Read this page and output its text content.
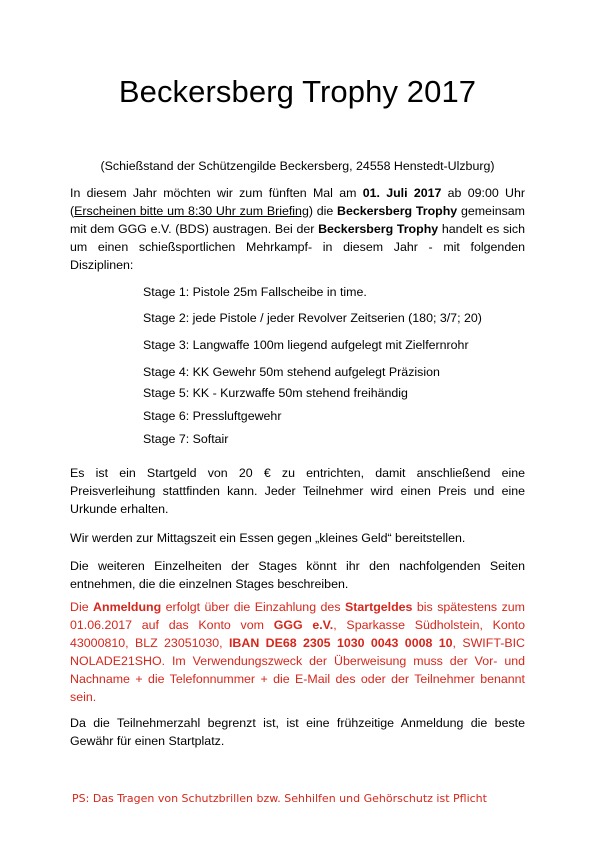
Beckersberg Trophy 2017
(Schießstand der Schützengilde Beckersberg, 24558 Henstedt-Ulzburg)
In diesem Jahr möchten wir zum fünften Mal am 01. Juli 2017 ab 09:00 Uhr (Erscheinen bitte um 8:30 Uhr zum Briefing) die Beckersberg Trophy gemeinsam mit dem GGG e.V. (BDS) austragen. Bei der Beckersberg Trophy handelt es sich um einen schießsportlichen Mehrkampf- in diesem Jahr - mit folgenden Disziplinen:
Stage 1: Pistole 25m Fallscheibe in time.
Stage 2: jede Pistole / jeder Revolver Zeitserien (180; 3/7; 20)
Stage 3: Langwaffe 100m liegend aufgelegt mit Zielfernrohr
Stage 4: KK Gewehr 50m stehend aufgelegt Präzision
Stage 5: KK - Kurzwaffe 50m stehend freihändig
Stage 6: Pressluftgewehr
Stage 7: Softair
Es ist ein Startgeld von 20 € zu entrichten, damit anschließend eine Preisverleihung stattfinden kann. Jeder Teilnehmer wird einen Preis und eine Urkunde erhalten.
Wir werden zur Mittagszeit ein Essen gegen „kleines Geld“ bereitstellen.
Die weiteren Einzelheiten der Stages könnt ihr den nachfolgenden Seiten entnehmen, die die einzelnen Stages beschreiben.
Die Anmeldung erfolgt über die Einzahlung des Startgeldes bis spätestens zum 01.06.2017 auf das Konto vom GGG e.V., Sparkasse Südholstein, Konto 43000810, BLZ 23051030, IBAN DE68 2305 1030 0043 0008 10, SWIFT-BIC NOLADE21SHO. Im Verwendungszweck der Überweisung muss der Vor- und Nachname + die Telefonnummer + die E-Mail des oder der Teilnehmer benannt sein.
Da die Teilnehmerzahl begrenzt ist, ist eine frühzeitige Anmeldung die beste Gewähr für einen Startplatz.
PS: Das Tragen von Schutzbrillen bzw. Sehhilfen und Gehörschutz ist Pflicht
